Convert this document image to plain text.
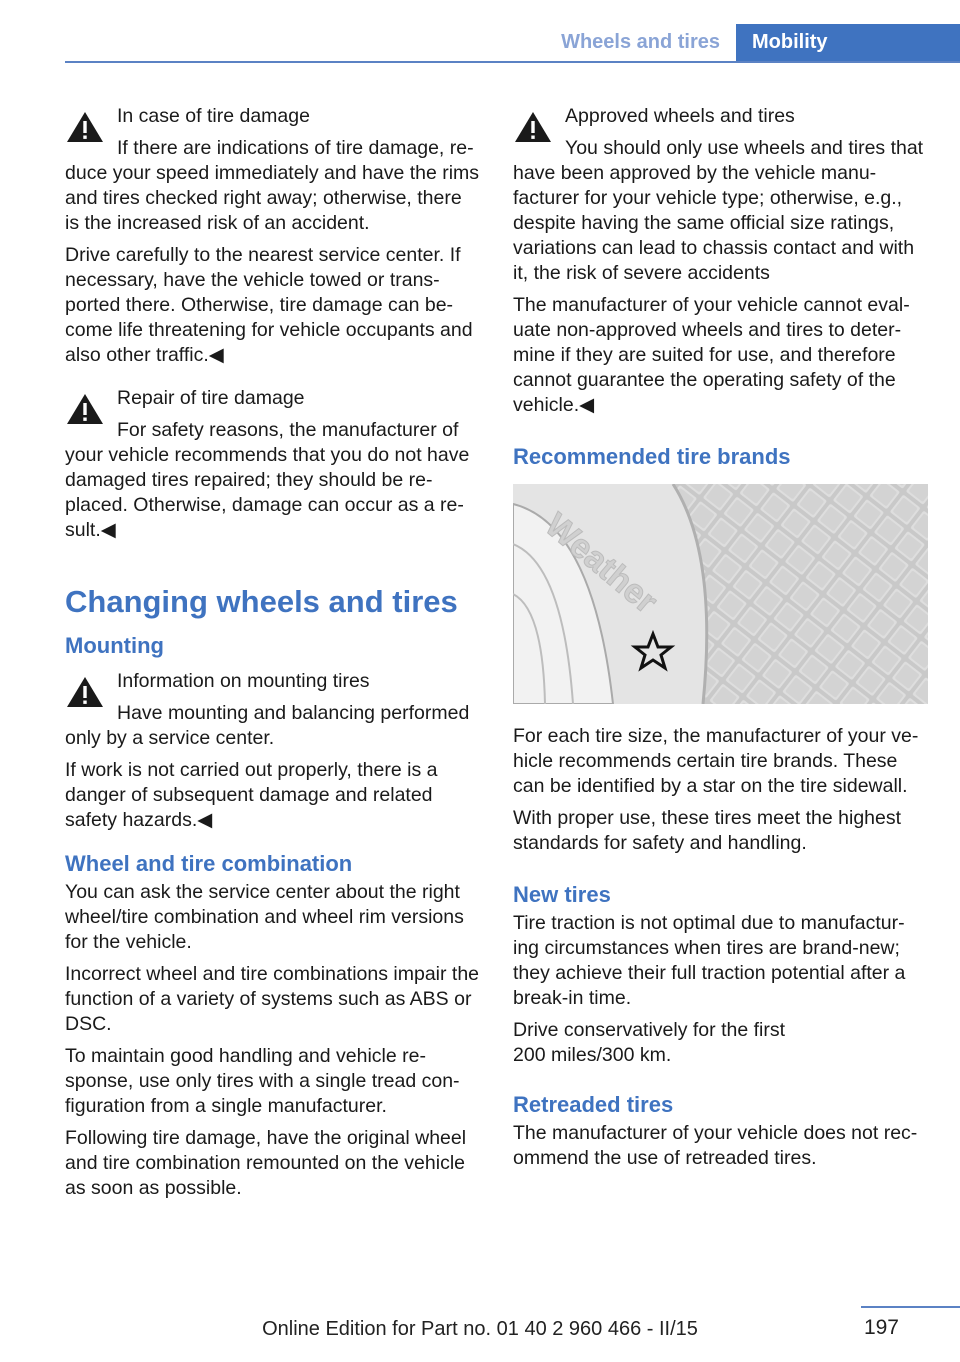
Wheels and tires	Mobility

In case of tire damage

If there are indications of tire damage, re‐duce your speed immediately and have the rims and tires checked right away; otherwise, there is the increased risk of an accident.

Drive carefully to the nearest service center. If necessary, have the vehicle towed or trans‐ported there. Otherwise, tire damage can be‐come life threatening for vehicle occupants and also other traffic.◀

Repair of tire damage

For safety reasons, the manufacturer of your vehicle recommends that you do not have damaged tires repaired; they should be re‐placed. Otherwise, damage can occur as a re‐sult.◀

Changing wheels and tires
Mounting

Information on mounting tires

Have mounting and balancing performed only by a service center.

If work is not carried out properly, there is a danger of subsequent damage and related safety hazards.◀

Wheel and tire combination

You can ask the service center about the right wheel/tire combination and wheel rim versions for the vehicle.

Incorrect wheel and tire combinations impair the function of a variety of systems such as ABS or DSC.

To maintain good handling and vehicle re‐sponse, use only tires with a single tread con‐figuration from a single manufacturer.

Following tire damage, have the original wheel and tire combination remounted on the vehicle as soon as possible.

Approved wheels and tires

You should only use wheels and tires that have been approved by the vehicle manu‐facturer for your vehicle type; otherwise, e.g., despite having the same official size ratings, variations can lead to chassis contact and with it, the risk of severe accidents

The manufacturer of your vehicle cannot eval‐uate non-approved wheels and tires to deter‐mine if they are suited for use, and therefore cannot guarantee the operating safety of the vehicle.◀

Recommended tire brands
Weather

For each tire size, the manufacturer of your ve‐hicle recommends certain tire brands. These can be identified by a star on the tire sidewall.

With proper use, these tires meet the highest standards for safety and handling.

New tires

Tire traction is not optimal due to manufactur‐ing circumstances when tires are brand-new; they achieve their full traction potential after a break-in time.

Drive conservatively for the first
200 miles/300 km.

Retreaded tires

The manufacturer of your vehicle does not rec‐ommend the use of retreaded tires.

197
Online Edition for Part no. 01 40 2 960 466 - II/15
